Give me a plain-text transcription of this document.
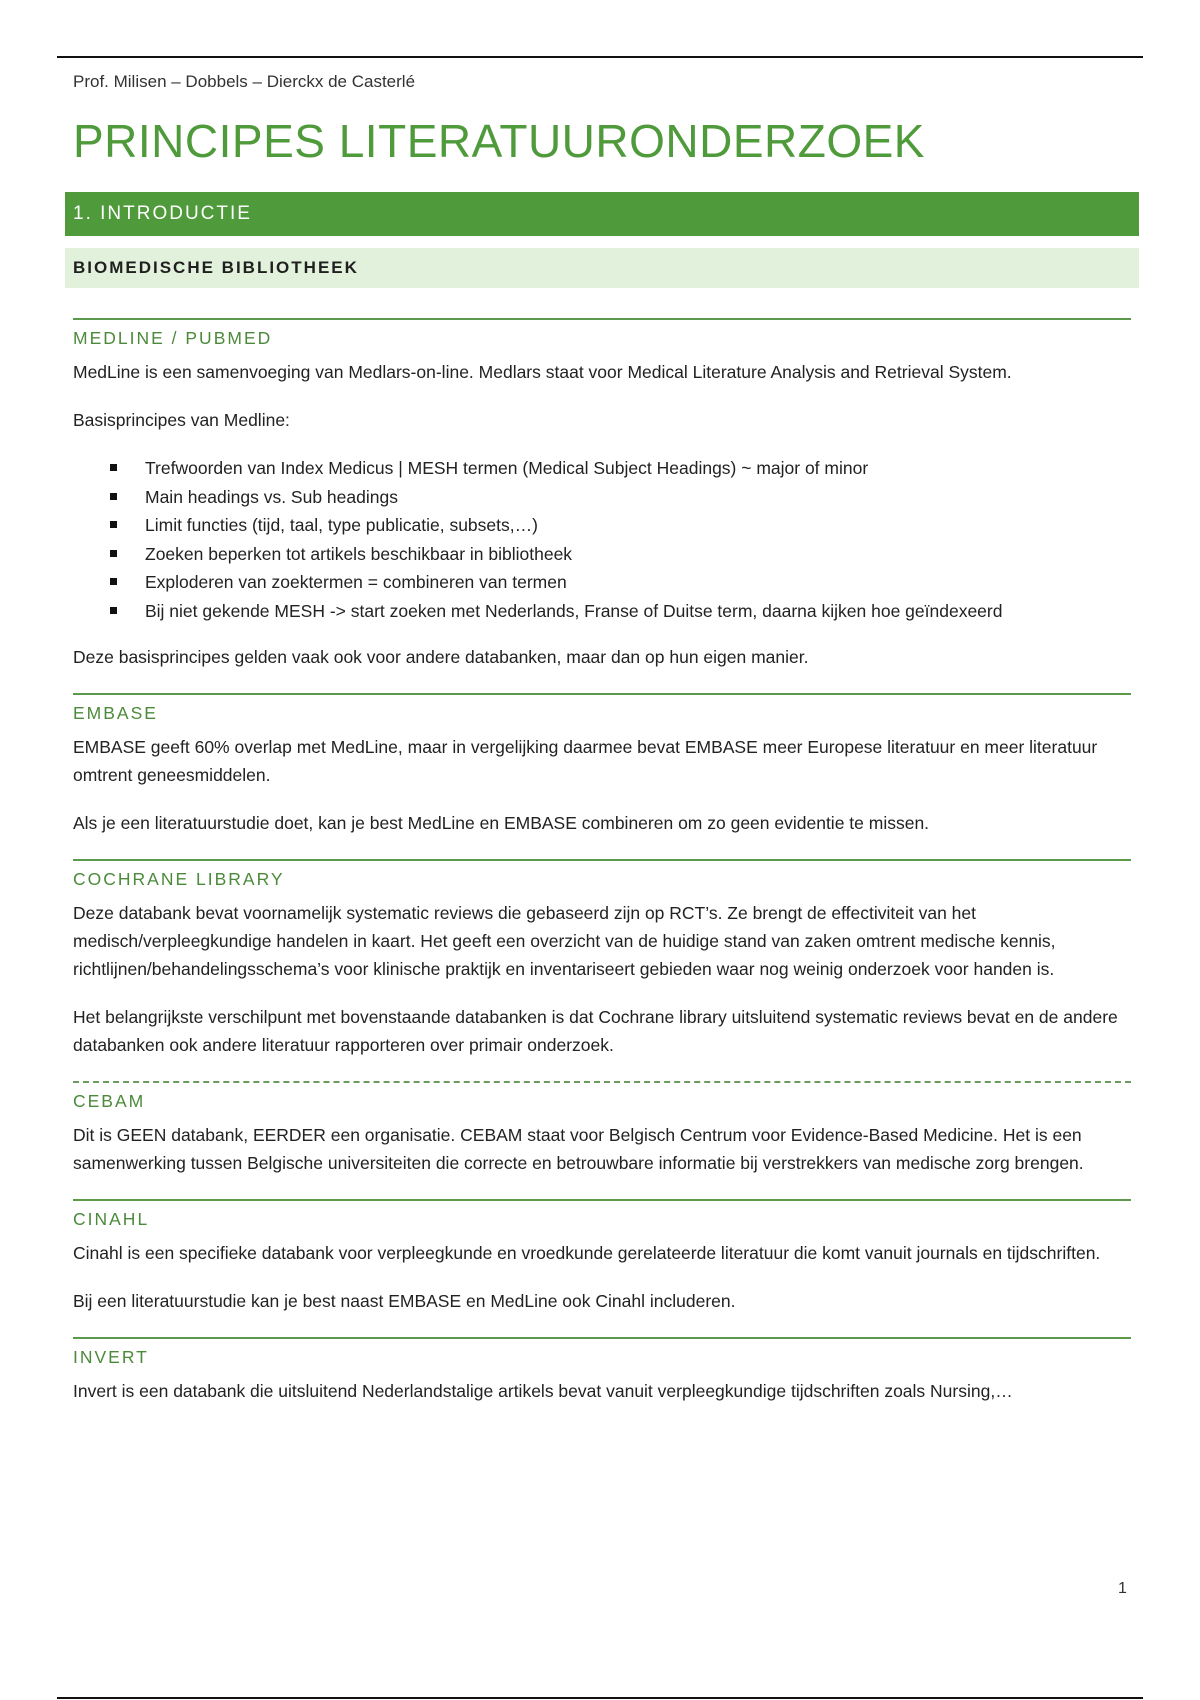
Prof. Milisen – Dobbels – Dierckx de Casterlé
PRINCIPES LITERATUURONDERZOEK
1. INTRODUCTIE
BIOMEDISCHE BIBLIOTHEEK
MEDLINE / PUBMED

MedLine is een samenvoeging van Medlars-on-line. Medlars staat voor Medical Literature Analysis and Retrieval System.

Basisprincipes van Medline:

Trefwoorden van Index Medicus | MESH termen (Medical Subject Headings) ~ major of minor
Main headings vs. Sub headings
Limit functies (tijd, taal, type publicatie, subsets,…)
Zoeken beperken tot artikels beschikbaar in bibliotheek
Exploderen van zoektermen = combineren van termen
Bij niet gekende MESH -> start zoeken met Nederlands, Franse of Duitse term, daarna kijken hoe geïndexeerd

Deze basisprincipes gelden vaak ook voor andere databanken, maar dan op hun eigen manier.

EMBASE

EMBASE geeft 60% overlap met MedLine, maar in vergelijking daarmee bevat EMBASE meer Europese literatuur en meer literatuur omtrent geneesmiddelen.

Als je een literatuurstudie doet, kan je best MedLine en EMBASE combineren om zo geen evidentie te missen.

COCHRANE LIBRARY

Deze databank bevat voornamelijk systematic reviews die gebaseerd zijn op RCT’s. Ze brengt de effectiviteit van het medisch/verpleegkundige handelen in kaart. Het geeft een overzicht van de huidige stand van zaken omtrent medische kennis, richtlijnen/behandelingsschema’s voor klinische praktijk en inventariseert gebieden waar nog weinig onderzoek voor handen is.

Het belangrijkste verschilpunt met bovenstaande databanken is dat Cochrane library uitsluitend systematic reviews bevat en de andere databanken ook andere literatuur rapporteren over primair onderzoek.

CEBAM

Dit is GEEN databank, EERDER een organisatie. CEBAM staat voor Belgisch Centrum voor Evidence-Based Medicine. Het is een samenwerking tussen Belgische universiteiten die correcte en betrouwbare informatie bij verstrekkers van medische zorg brengen.

CINAHL

Cinahl is een specifieke databank voor verpleegkunde en vroedkunde gerelateerde literatuur die komt vanuit journals en tijdschriften.

Bij een literatuurstudie kan je best naast EMBASE en MedLine ook Cinahl includeren.

INVERT

Invert is een databank die uitsluitend Nederlandstalige artikels bevat vanuit verpleegkundige tijdschriften zoals Nursing,…

1
